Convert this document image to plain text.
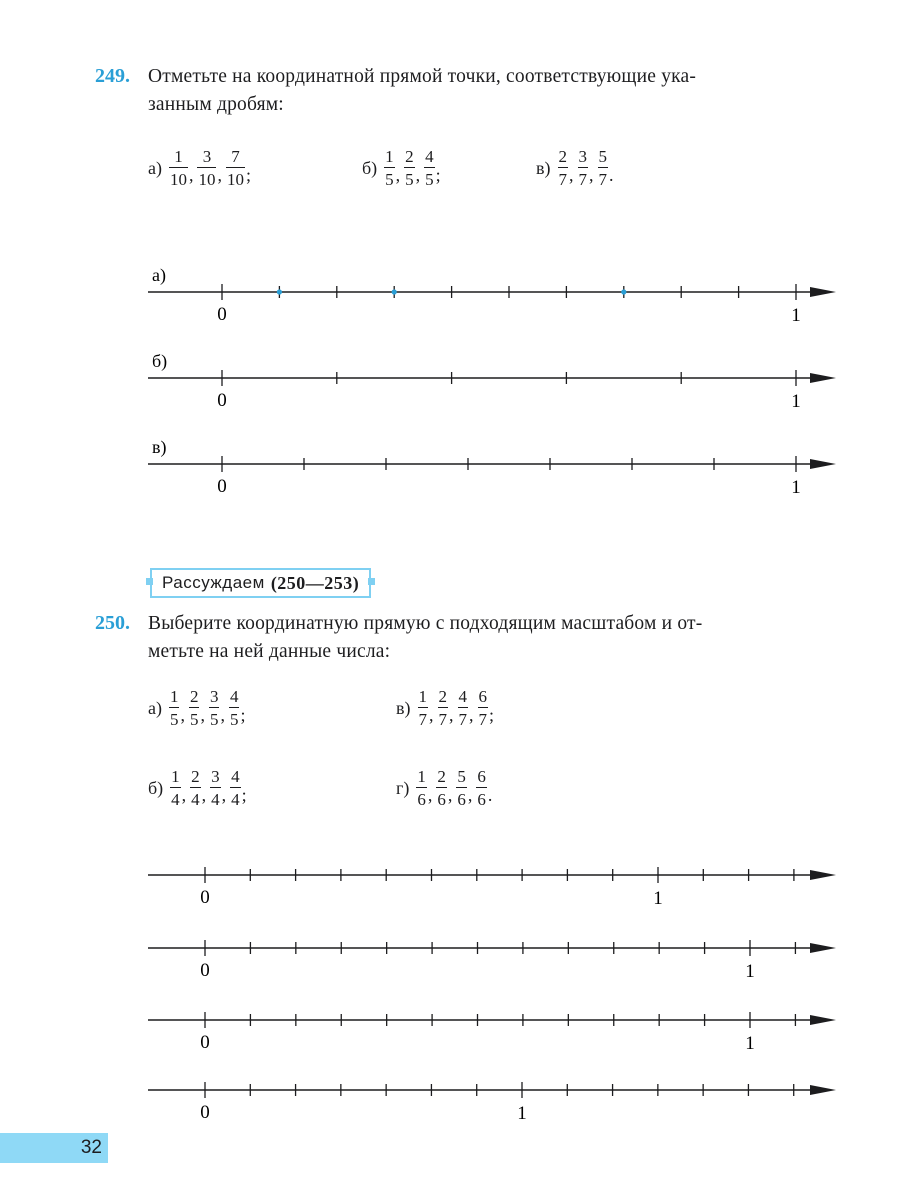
249. Отметьте на координатной прямой точки, соответствующие ука-
занным дробям:
$а) \frac{1}{10}$ , $\frac{3}{10}$ , $\frac{7}{10}$ ;	$б) \frac{1}{5}$ , $\frac{2}{5}$ , $\frac{4}{5}$ ;	$в) \frac{2}{7}$ , $\frac{3}{7}$ , $\frac{5}{7}$ .
0	1
а)
0	1
б)
0	1
в)
Рассуждаем (250—253)
250. Выберите координатную прямую с подходящим масштабом и от-
метьте на ней данные числа:
$а) \frac{1}{5}$ , $\frac{2}{5}$ , $\frac{3}{5}$ , $\frac{4}{5}$ ;	$в) \frac{1}{7}$ , $\frac{2}{7}$ , $\frac{4}{7}$ , $\frac{6}{7}$ ;
$б) \frac{1}{4}$ , $\frac{2}{4}$ , $\frac{3}{4}$ , $\frac{4}{4}$ ;	$г) \frac{1}{6}$ , $\frac{2}{6}$ , $\frac{5}{6}$ , $\frac{6}{6}$ .
0	1
0	1
0	1
0	1
32
